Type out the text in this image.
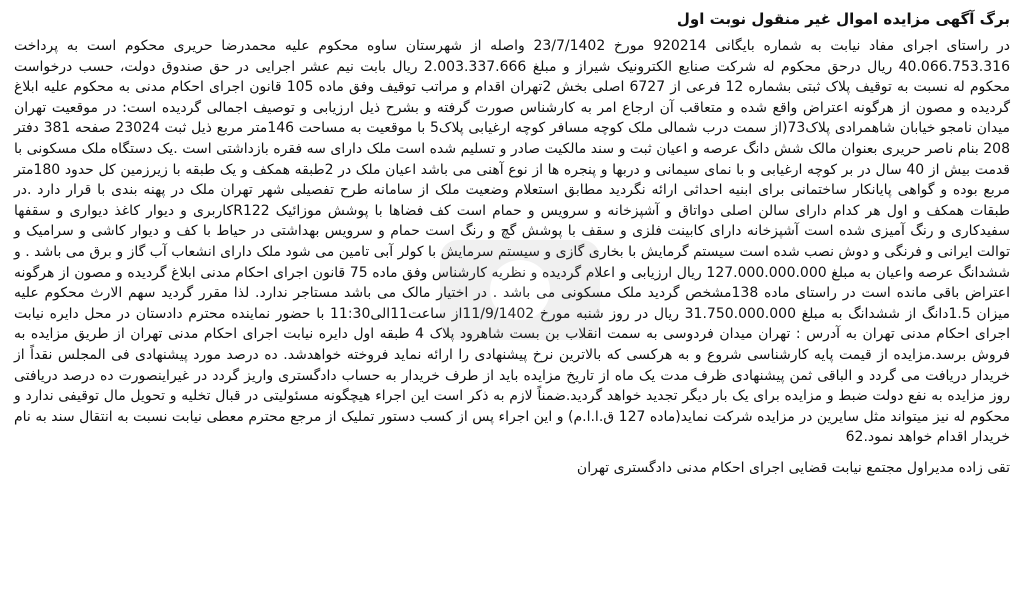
برگ آگهی مزایده اموال غیر منقول نوبت اول

در راستای اجرای مفاد نیابت به شماره بایگانی 920214 مورخ 23/7/1402 واصله از شهرستان ساوه محکوم علیه محمدرضا حریری محکوم است به پرداخت 40.066.753.316 ریال درحق محکوم له شرکت صنایع الکترونیک شیراز و مبلغ 2.003.337.666 ریال بابت نیم عشر اجرایی در حق صندوق دولت، حسب درخواست محکوم له نسبت به توقیف پلاک ثبتی بشماره 12 فرعی از 6727 اصلی بخش 2تهران اقدام و مراتب توقیف وفق ماده 105 قانون اجرای احکام مدنی به محکوم علیه ابلاغ گردیده و مصون از هرگونه اعتراض واقع شده و متعاقب آن ارجاع امر به کارشناس صورت گرفته و بشرح ذیل ارزیابی و توصیف اجمالی گردیده است: در موقعیت تهران میدان نامجو خیابان شاهمرادی پلاک73(از سمت درب شمالی ملک کوچه مسافر کوچه ارغیابی پلاک5 با موقعیت به مساحت 146متر مربع ذیل ثبت 23024 صفحه 381 دفتر 208 بنام ناصر حریری بعنوان مالک شش دانگ عرصه و اعیان ثبت و سند مالکیت صادر و تسلیم شده است ملک دارای سه فقره بازداشتی است .یک دستگاه ملک مسکونی با قدمت بیش از 40 سال در بر کوچه ارغیابی و با نمای سیمانی و دربها و پنجره ها از نوع آهنی می باشد اعیان ملک در 2طبقه همکف و یک طبقه با زیرزمین کل حدود 180متر مربع بوده و گواهی پایانکار ساختمانی برای ابنیه احداثی ارائه نگردید مطابق استعلام وضعیت ملک از سامانه طرح تفصیلی شهر تهران ملک در پهنه بندی با قرار دارد .در طبقات همکف و اول هر کدام دارای سالن اصلی دواتاق و آشپزخانه و سرویس و حمام است کف فضاها با پوشش موزائیک R122کاربری و دیوار کاغذ دیواری و سقفها سفیدکاری و رنگ آمیزی شده است آشپزخانه دارای کابینت فلزی و سقف با پوشش گچ و رنگ است حمام و سرویس بهداشتی در حیاط با کف و دیوار کاشی و سرامیک و توالت ایرانی و فرنگی و دوش نصب شده است سیستم گرمایش با بخاری گازی و سیستم سرمایش با کولر آبی تامین می شود ملک دارای انشعاب آب گاز و برق می باشد . و ششدانگ عرصه واعیان به مبلغ 127.000.000.000 ریال ارزیابی و اعلام گردیده و نظریه کارشناس وفق ماده 75 قانون اجرای احکام مدنی ابلاغ گردیده و مصون از هرگونه اعتراض باقی مانده است در راستای ماده 138مشخص گردید ملک مسکونی می باشد . در اختیار مالک می باشد مستاجر ندارد. لذا مقرر گردید سهم الارث محکوم علیه میزان 1.5دانگ از ششدانگ به مبلغ 31.750.000.000 ریال در روز شنبه مورخ 11/9/1402از ساعت11الی11:30 با حضور نماینده محترم دادستان در محل دایره نیابت اجرای احکام مدنی تهران به آدرس : تهران میدان فردوسی به سمت انقلاب بن بست شاهرود پلاک 4 طبقه اول دایره نیابت اجرای احکام مدنی تهران از طریق مزایده به فروش برسد.مزایده از قیمت پایه کارشناسی شروع و به هرکسی که بالاترین نرخ پیشنهادی را ارائه نماید فروخته خواهدشد. ده درصد مورد پیشنهادی فی المجلس نقداً از خریدار دریافت می گردد و الباقی ثمن پیشنهادی ظرف مدت یک ماه از تاریخ مزایده باید از طرف خریدار به حساب دادگستری واریز گردد در غیراینصورت ده درصد دریافتی روز مزایده به نفع دولت ضبط و مزایده برای یک بار دیگر تجدید خواهد گردید.ضمناً لازم به ذکر است این اجراء هیچگونه مسئولیتی در قبال تخلیه و تحویل مال توقیفی ندارد و محکوم له نیز میتواند مثل سایرین در مزایده شرکت نماید(ماده 127 ق.ا.ا.م) و این اجراء پس از کسب دستور تملیک از مرجع محترم معطی نیابت نسبت به انتقال سند به نام خریدار اقدام خواهد نمود.62

تقی زاده مدیراول مجتمع نیابت قضایی اجرای احکام مدنی دادگستری تهران
